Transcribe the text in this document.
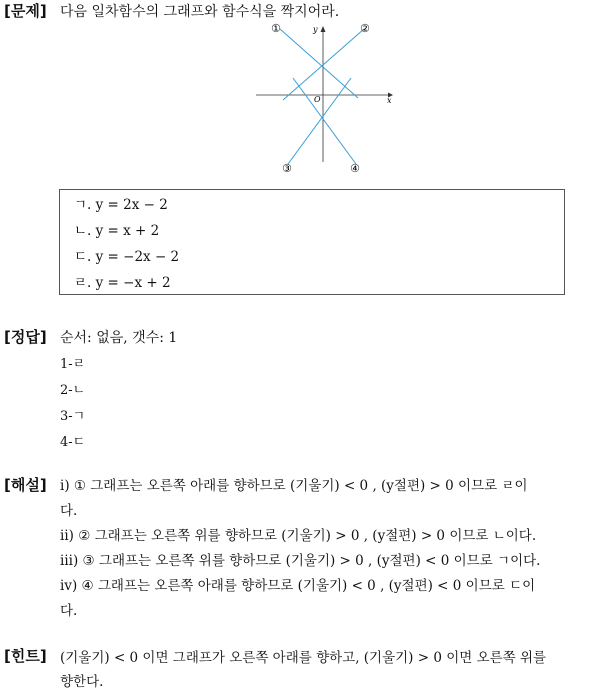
[문제] 다음 일차함수의 그래프와 함수식을 짝지어라.
x
y
O
①	②
③	④
ㄱ. y = 2x − 2
ㄴ. y = x + 2
ㄷ. y = −2x − 2
ㄹ. y = −x + 2
[정답] 순서: 없음, 갯수: 1
1-ㄹ
2-ㄴ
3-ㄱ
4-ㄷ
[해설] ⅰ) ① 그래프는 오른쪽 아래를 향하므로 (기울기) < 0 , (y절편) > 0 이므로 ㄹ이
다.
ⅱ) ② 그래프는 오른쪽 위를 향하므로 (기울기) > 0 , (y절편) > 0 이므로 ㄴ이다.
ⅲ) ③ 그래프는 오른쪽 위를 향하므로 (기울기) > 0 , (y절편) < 0 이므로 ㄱ이다.
ⅳ) ④ 그래프는 오른쪽 아래를 향하므로 (기울기) < 0 , (y절편) < 0 이므로 ㄷ이
다.
[힌트] (기울기) < 0 이면 그래프가 오른쪽 아래를 향하고, (기울기) > 0 이면 오른쪽 위를
향한다.
